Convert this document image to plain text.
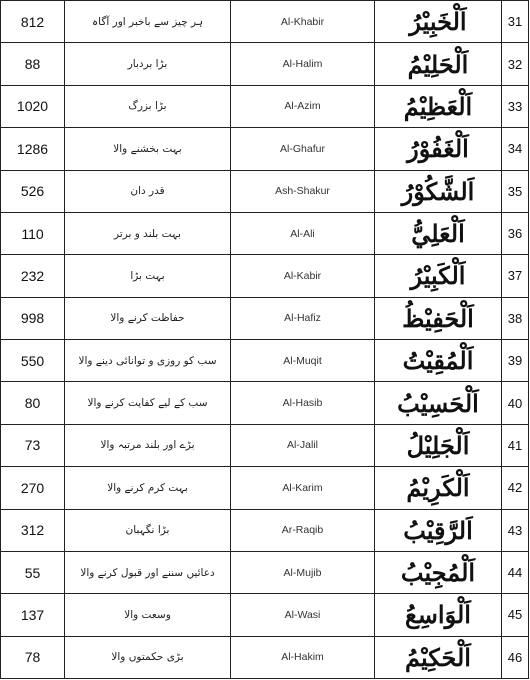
812	ہر چیز سے باخبر اور آگاہ	Al-Khabir	اَلْخَبِيْرُ	31
88	بڑا بردبار	Al-Halim	اَلْحَلِيْمُ	32
1020	بڑا بزرگ	Al-Azim	اَلْعَظِيْمُ	33
1286	بہت بخشنے والا	Al-Ghafur	اَلْغَفُوْرُ	34
526	قدر دان	Ash-Shakur	اَلشَّكُوْرُ	35
110	بہت بلند و برتر	Al-Ali	اَلْعَلِيُّ	36
232	بہت بڑا	Al-Kabir	اَلْكَبِيْرُ	37
998	حفاظت کرنے والا	Al-Hafiz	اَلْحَفِيْظُ	38
550	سب کو روزی و توانائی دینے والا	Al-Muqit	اَلْمُقِيْتُ	39
80	سب کے لیے کفایت کرنے والا	Al-Hasib	اَلْحَسِيْبُ	40
73	بڑے اور بلند مرتبہ والا	Al-Jalil	اَلْجَلِيْلُ	41
270	بہت کرم کرنے والا	Al-Karim	اَلْكَرِيْمُ	42
312	بڑا نگہبان	Ar-Raqib	اَلرَّقِيْبُ	43
55	دعائیں سننے اور قبول کرنے والا	Al-Mujib	اَلْمُجِيْبُ	44
137	وسعت والا	Al-Wasi	اَلْوَاسِعُ	45
78	بڑی حکمتوں والا	Al-Hakim	اَلْحَكِيْمُ	46
